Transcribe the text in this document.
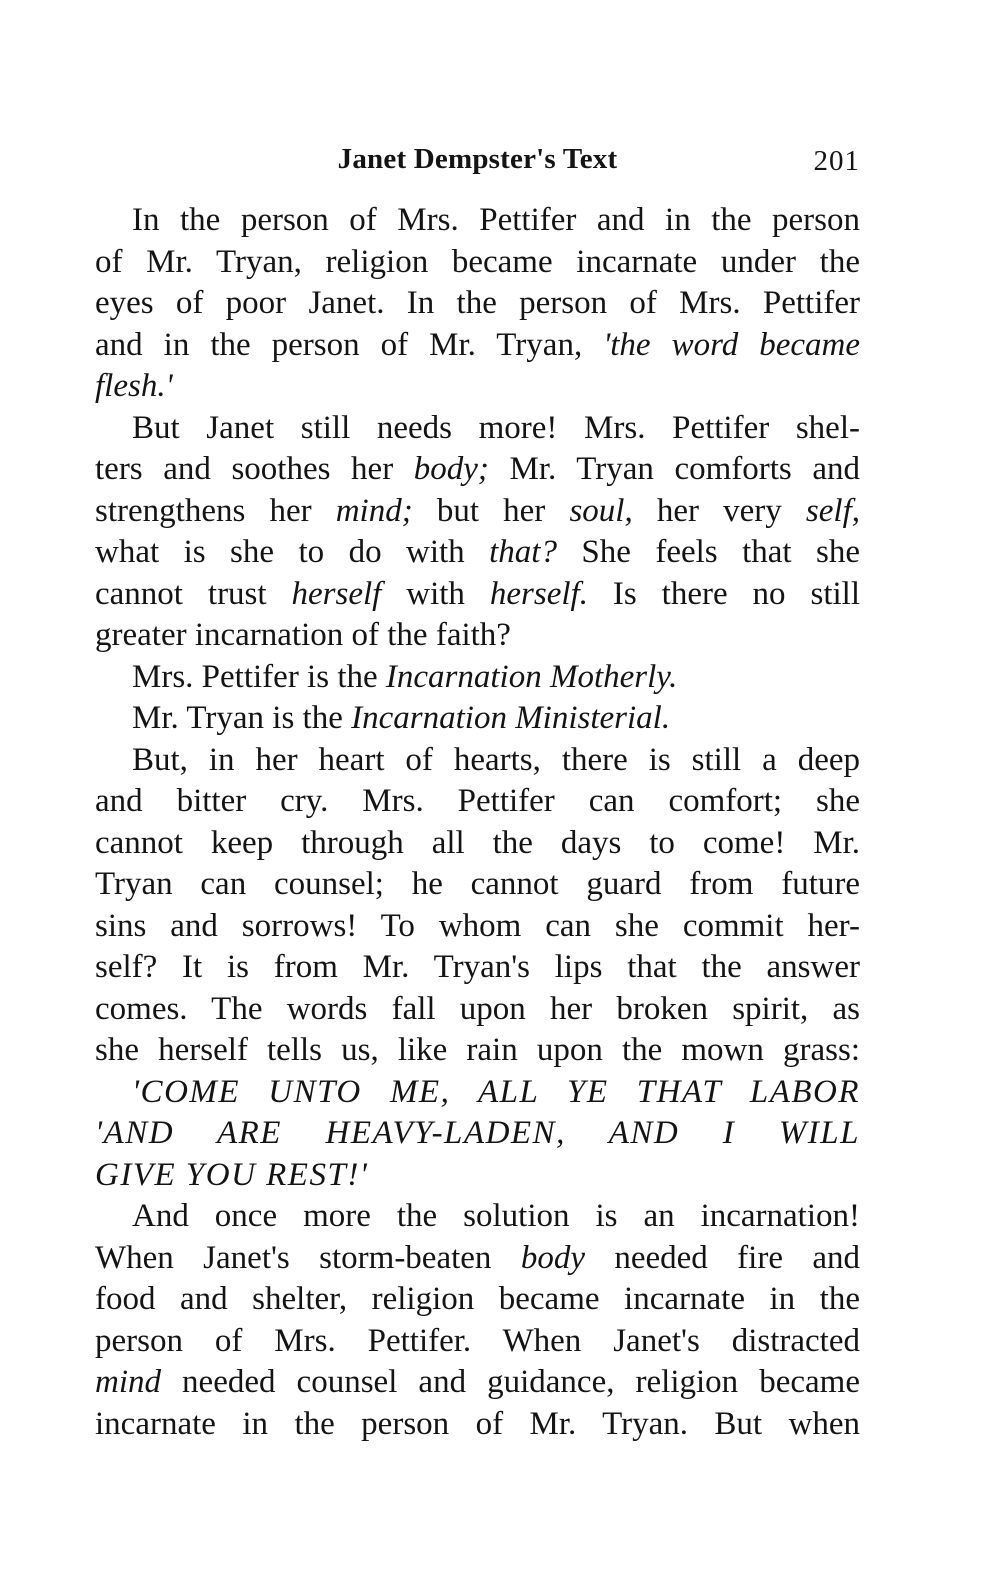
Janet Dempster's Text	201
In the person of Mrs. Pettifer and in the person
of Mr. Tryan, religion became incarnate under the
eyes of poor Janet. In the person of Mrs. Pettifer
and in the person of Mr. Tryan, 'the word became
flesh.'
But Janet still needs more! Mrs. Pettifer shel-
ters and soothes her body; Mr. Tryan comforts and
strengthens her mind; but her soul, her very self,
what is she to do with that? She feels that she
cannot trust herself with herself. Is there no still
greater incarnation of the faith?
Mrs. Pettifer is the Incarnation Motherly.
Mr. Tryan is the Incarnation Ministerial.
But, in her heart of hearts, there is still a deep
and bitter cry. Mrs. Pettifer can comfort; she
cannot keep through all the days to come! Mr.
Tryan can counsel; he cannot guard from future
sins and sorrows! To whom can she commit her-
self? It is from Mr. Tryan's lips that the answer
comes. The words fall upon her broken spirit, as
she herself tells us, like rain upon the mown grass:
'COME UNTO ME, ALL YE THAT LABOR
'AND ARE HEAVY-LADEN, AND I WILL
GIVE YOU REST!'
And once more the solution is an incarnation!
When Janet's storm-beaten body needed fire and
food and shelter, religion became incarnate in the
person of Mrs. Pettifer. When Janet's distracted
mind needed counsel and guidance, religion became
incarnate in the person of Mr. Tryan. But when
